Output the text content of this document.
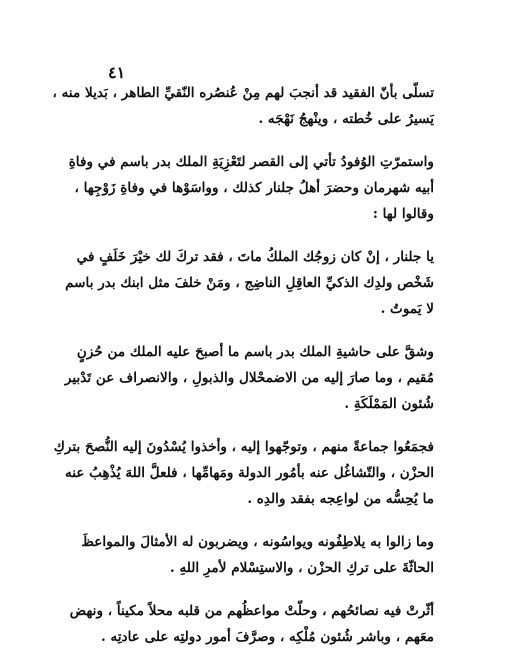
٤١
تسلّى بأنّ الفقيد قد أنجبَ لهم مِنْ عُنصُره النّقيِّ الطاهر ، بَديلا منه ،
يَسيرُ على خُطته ، وينْهجُ نَهْجَه .
واستمرّتِ الوُفودُ تأتي إلى القصر لتَعْزِيَةِ الملك بدر باسم في وفاةِ
أبيه شهرمان وحضرَ أهلُ جلنار كذلك ، وواسَوْها في وفاةِ زَوْجِها ،
وقالوا لها :
يا جلنار ، إنْ كان زوجُك الملكُ ماتَ ، فقد تركَ لك خيْرَ خَلَفٍ في
شَخْص ولدِك الذكيِّ العاقِلِ الناضِج ، ومَنْ خلفَ مثل ابنك بدر باسم
لا يَموتُ .
وشقَّ على حاشيةِ الملك بدر باسم ما أصبحَ عليه الملك من حُزنٍ
مُقيم ، وما صارَ إليه من الاضمحْلال والذبولِ ، والانصراف عن تَدْبير
شُئون المَمْلَكَةِ .
فجمَعُوا جماعةً منهم ، وتوجّهوا إليه ، وأخذوا يُسْدُونَ إليه النُّصحَ بتركِ
الحزْن ، والتّشاغُل عنه بأمُور الدولة ومَهامِّها ، فلعلَّ اللهَ يُذْهِبُ عنه
ما يُحِسُّه من لواعِجه بفقد والدِه .
وما زالوا به يلاطِفُونه ويواسُونه ، ويضربون له الأمثالَ والمواعظَ
الحاثّةَ على تركِ الحزْن ، والاستِسْلام لأمرِ اللهِ .
أثّرتْ فيه نصائحُهم ، وحلّتْ مواعظُهم من قلبه محلاً مكيناً ، ونهض
معَهم ، وباشر شُئون مُلْكِه ، وصرَّفَ أمور دولتِه على عادتِه .
